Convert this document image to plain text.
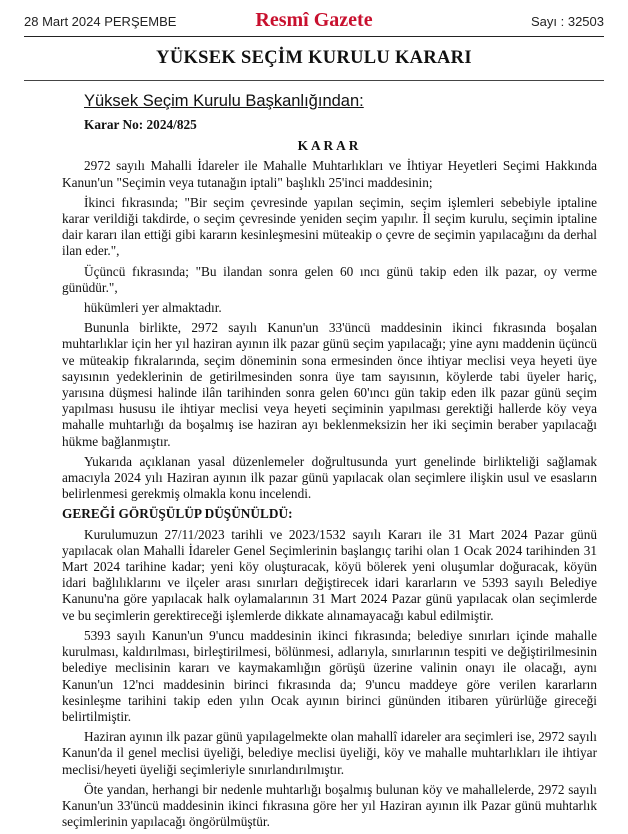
28 Mart 2024 PERŞEMBE	Resmî Gazete	Sayı : 32503
YÜKSEK SEÇİM KURULU KARARI
Yüksek Seçim Kurulu Başkanlığından:
Karar No: 2024/825
KARAR

2972 sayılı Mahalli İdareler ile Mahalle Muhtarlıkları ve İhtiyar Heyetleri Seçimi Hakkında Kanun'un "Seçimin veya tutanağın iptali" başlıklı 25'inci maddesinin;

İkinci fıkrasında; "Bir seçim çevresinde yapılan seçimin, seçim işlemleri sebebiyle iptaline karar verildiği takdirde, o seçim çevresinde yeniden seçim yapılır. İl seçim kurulu, seçimin iptaline dair kararı ilan ettiği gibi kararın kesinleşmesini müteakip o çevre de seçimin yapılacağını da derhal ilan eder.",

Üçüncü fıkrasında; "Bu ilandan sonra gelen 60 ıncı günü takip eden ilk pazar, oy verme günüdür.",

hükümleri yer almaktadır.

Bununla birlikte, 2972 sayılı Kanun'un 33'üncü maddesinin ikinci fıkrasında boşalan muhtarlıklar için her yıl haziran ayının ilk pazar günü seçim yapılacağı; yine aynı maddenin üçüncü ve müteakip fıkralarında, seçim döneminin sona ermesinden önce ihtiyar meclisi veya heyeti üye sayısının yedeklerinin de getirilmesinden sonra üye tam sayısının, köylerde tabi üyeler hariç, yarısına düşmesi halinde ilân tarihinden sonra gelen 60'ıncı gün takip eden ilk pazar günü seçim yapılması hususu ile ihtiyar meclisi veya heyeti seçiminin yapılması gerektiği hallerde köy veya mahalle muhtarlığı da boşalmış ise haziran ayı beklenmeksizin her iki seçimin beraber yapılacağı hükme bağlanmıştır.

Yukarıda açıklanan yasal düzenlemeler doğrultusunda yurt genelinde birlikteliği sağlamak amacıyla 2024 yılı Haziran ayının ilk pazar günü yapılacak olan seçimlere ilişkin usul ve esasların belirlenmesi gerekmiş olmakla konu incelendi.

GEREĞİ GÖRÜŞÜLÜP DÜŞÜNÜLDÜ:

Kurulumuzun 27/11/2023 tarihli ve 2023/1532 sayılı Kararı ile 31 Mart 2024 Pazar günü yapılacak olan Mahalli İdareler Genel Seçimlerinin başlangıç tarihi olan 1 Ocak 2024 tarihinden 31 Mart 2024 tarihine kadar; yeni köy oluşturacak, köyü bölerek yeni oluşumlar doğuracak, köyün idari bağlılıklarını ve ilçeler arası sınırları değiştirecek idari kararların ve 5393 sayılı Belediye Kanunu'na göre yapılacak halk oylamalarının 31 Mart 2024 Pazar günü yapılacak olan seçimlerde ve bu seçimlerin gerektireceği işlemlerde dikkate alınamayacağı kabul edilmiştir.

5393 sayılı Kanun'un 9'uncu maddesinin ikinci fıkrasında; belediye sınırları içinde mahalle kurulması, kaldırılması, birleştirilmesi, bölünmesi, adlarıyla, sınırlarının tespiti ve değiştirilmesinin belediye meclisinin kararı ve kaymakamlığın görüşü üzerine valinin onayı ile olacağı, aynı Kanun'un 12'nci maddesinin birinci fıkrasında da; 9'uncu maddeye göre verilen kararların kesinleşme tarihini takip eden yılın Ocak ayının birinci gününden itibaren yürürlüğe gireceği belirtilmiştir.

Haziran ayının ilk pazar günü yapılagelmekte olan mahallî idareler ara seçimleri ise, 2972 sayılı Kanun'da il genel meclisi üyeliği, belediye meclisi üyeliği, köy ve mahalle muhtarlıkları ile ihtiyar meclisi/heyeti üyeliği seçimleriyle sınırlandırılmıştır.

Öte yandan, herhangi bir nedenle muhtarlığı boşalmış bulunan köy ve mahallelerde, 2972 sayılı Kanun'un 33'üncü maddesinin ikinci fıkrasına göre her yıl Haziran ayının ilk Pazar günü muhtarlık seçimlerinin yapılacağı öngörülmüştür.
